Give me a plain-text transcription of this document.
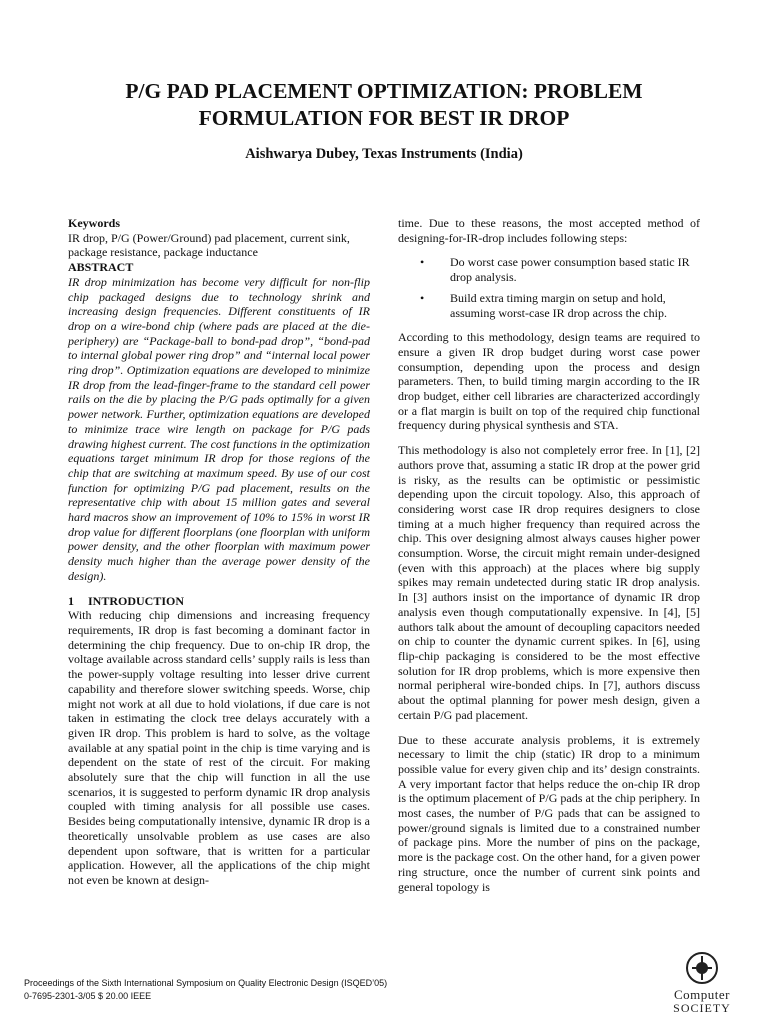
P/G PAD PLACEMENT OPTIMIZATION: PROBLEM
FORMULATION FOR BEST IR DROP

Aishwarya Dubey, Texas Instruments (India)

Keywords

IR drop, P/G (Power/Ground) pad placement, current sink, package resistance, package inductance

ABSTRACT

IR drop minimization has become very difficult for non-flip chip packaged designs due to technology shrink and increasing design frequencies. Different constituents of IR drop on a wire-bond chip (where pads are placed at the die-periphery) are “Package-ball to bond-pad drop”, “bond-pad to internal global power ring drop” and “internal local power ring drop”. Optimization equations are developed to minimize IR drop from the lead-finger-frame to the standard cell power rails on the die by placing the P/G pads optimally for a given power network. Further, optimization equations are developed to minimize trace wire length on package for P/G pads drawing highest current. The cost functions in the optimization equations target minimum IR drop for those regions of the chip that are switching at maximum speed. By use of our cost function for optimizing P/G pad placement, results on the representative chip with about 15 million gates and several hard macros show an improvement of 10% to 15% in worst IR drop value for different floorplans (one floorplan with uniform power density, and the other floorplan with maximum power density much higher than the average power density of the design).

1	INTRODUCTION

With reducing chip dimensions and increasing frequency requirements, IR drop is fast becoming a dominant factor in determining the chip frequency. Due to on-chip IR drop, the voltage available across standard cells’ supply rails is less than the power-supply voltage resulting into lesser drive current capability and therefore slower switching speeds. Worse, chip might not work at all due to hold violations, if due care is not taken in estimating the clock tree delays accurately with a given IR drop. This problem is hard to solve, as the voltage available at any spatial point in the chip is time varying and is dependent on the state of rest of the circuit. For making absolutely sure that the chip will function in all the use scenarios, it is suggested to perform dynamic IR drop analysis coupled with timing analysis for all possible use cases. Besides being computationally intensive, dynamic IR drop is a theoretically unsolvable problem as use cases are also dependent upon software, that is written for a particular application. However, all the applications of the chip might not even be known at design-

time. Due to these reasons, the most accepted method of designing-for-IR-drop includes following steps:

•	Do worst case power consumption based static IR drop analysis.
•	Build extra timing margin on setup and hold, assuming worst-case IR drop across the chip.

According to this methodology, design teams are required to ensure a given IR drop budget during worst case power consumption, depending upon the process and design parameters. Then, to build timing margin according to the IR drop budget, either cell libraries are characterized accordingly or a flat margin is built on top of the required chip functional frequency during physical synthesis and STA.

This methodology is also not completely error free. In [1], [2] authors prove that, assuming a static IR drop at the power grid is risky, as the results can be optimistic or pessimistic depending upon the circuit topology. Also, this approach of considering worst case IR drop requires designers to close timing at a much higher frequency than required across the chip. This over designing almost always causes higher power consumption. Worse, the circuit might remain under-designed (even with this approach) at the places where big supply spikes may remain undetected during static IR drop analysis. In [3] authors insist on the importance of dynamic IR drop analysis even though computationally expensive. In [4], [5] authors talk about the amount of decoupling capacitors needed on chip to counter the dynamic current spikes. In [6], using flip-chip packaging is considered to be the most effective solution for IR drop problems, which is more expensive then normal peripheral wire-bonded chips. In [7], authors discuss about the optimal planning for power mesh design, given a certain P/G pad placement.

Due to these accurate analysis problems, it is extremely necessary to limit the chip (static) IR drop to a minimum possible value for every given chip and its’ design constraints. A very important factor that helps reduce the on-chip IR drop is the optimum placement of P/G pads at the chip periphery. In most cases, the number of P/G pads that can be assigned to power/ground signals is limited due to a constrained number of package pins. More the number of pins on the package, more is the package cost. On the other hand, for a given power ring structure, once the number of current sink points and general topology is

Proceedings of the Sixth International Symposium on Quality Electronic Design (ISQED’05)
0-7695-2301-3/05 $ 20.00 IEEE	Computer
SOCIETY
